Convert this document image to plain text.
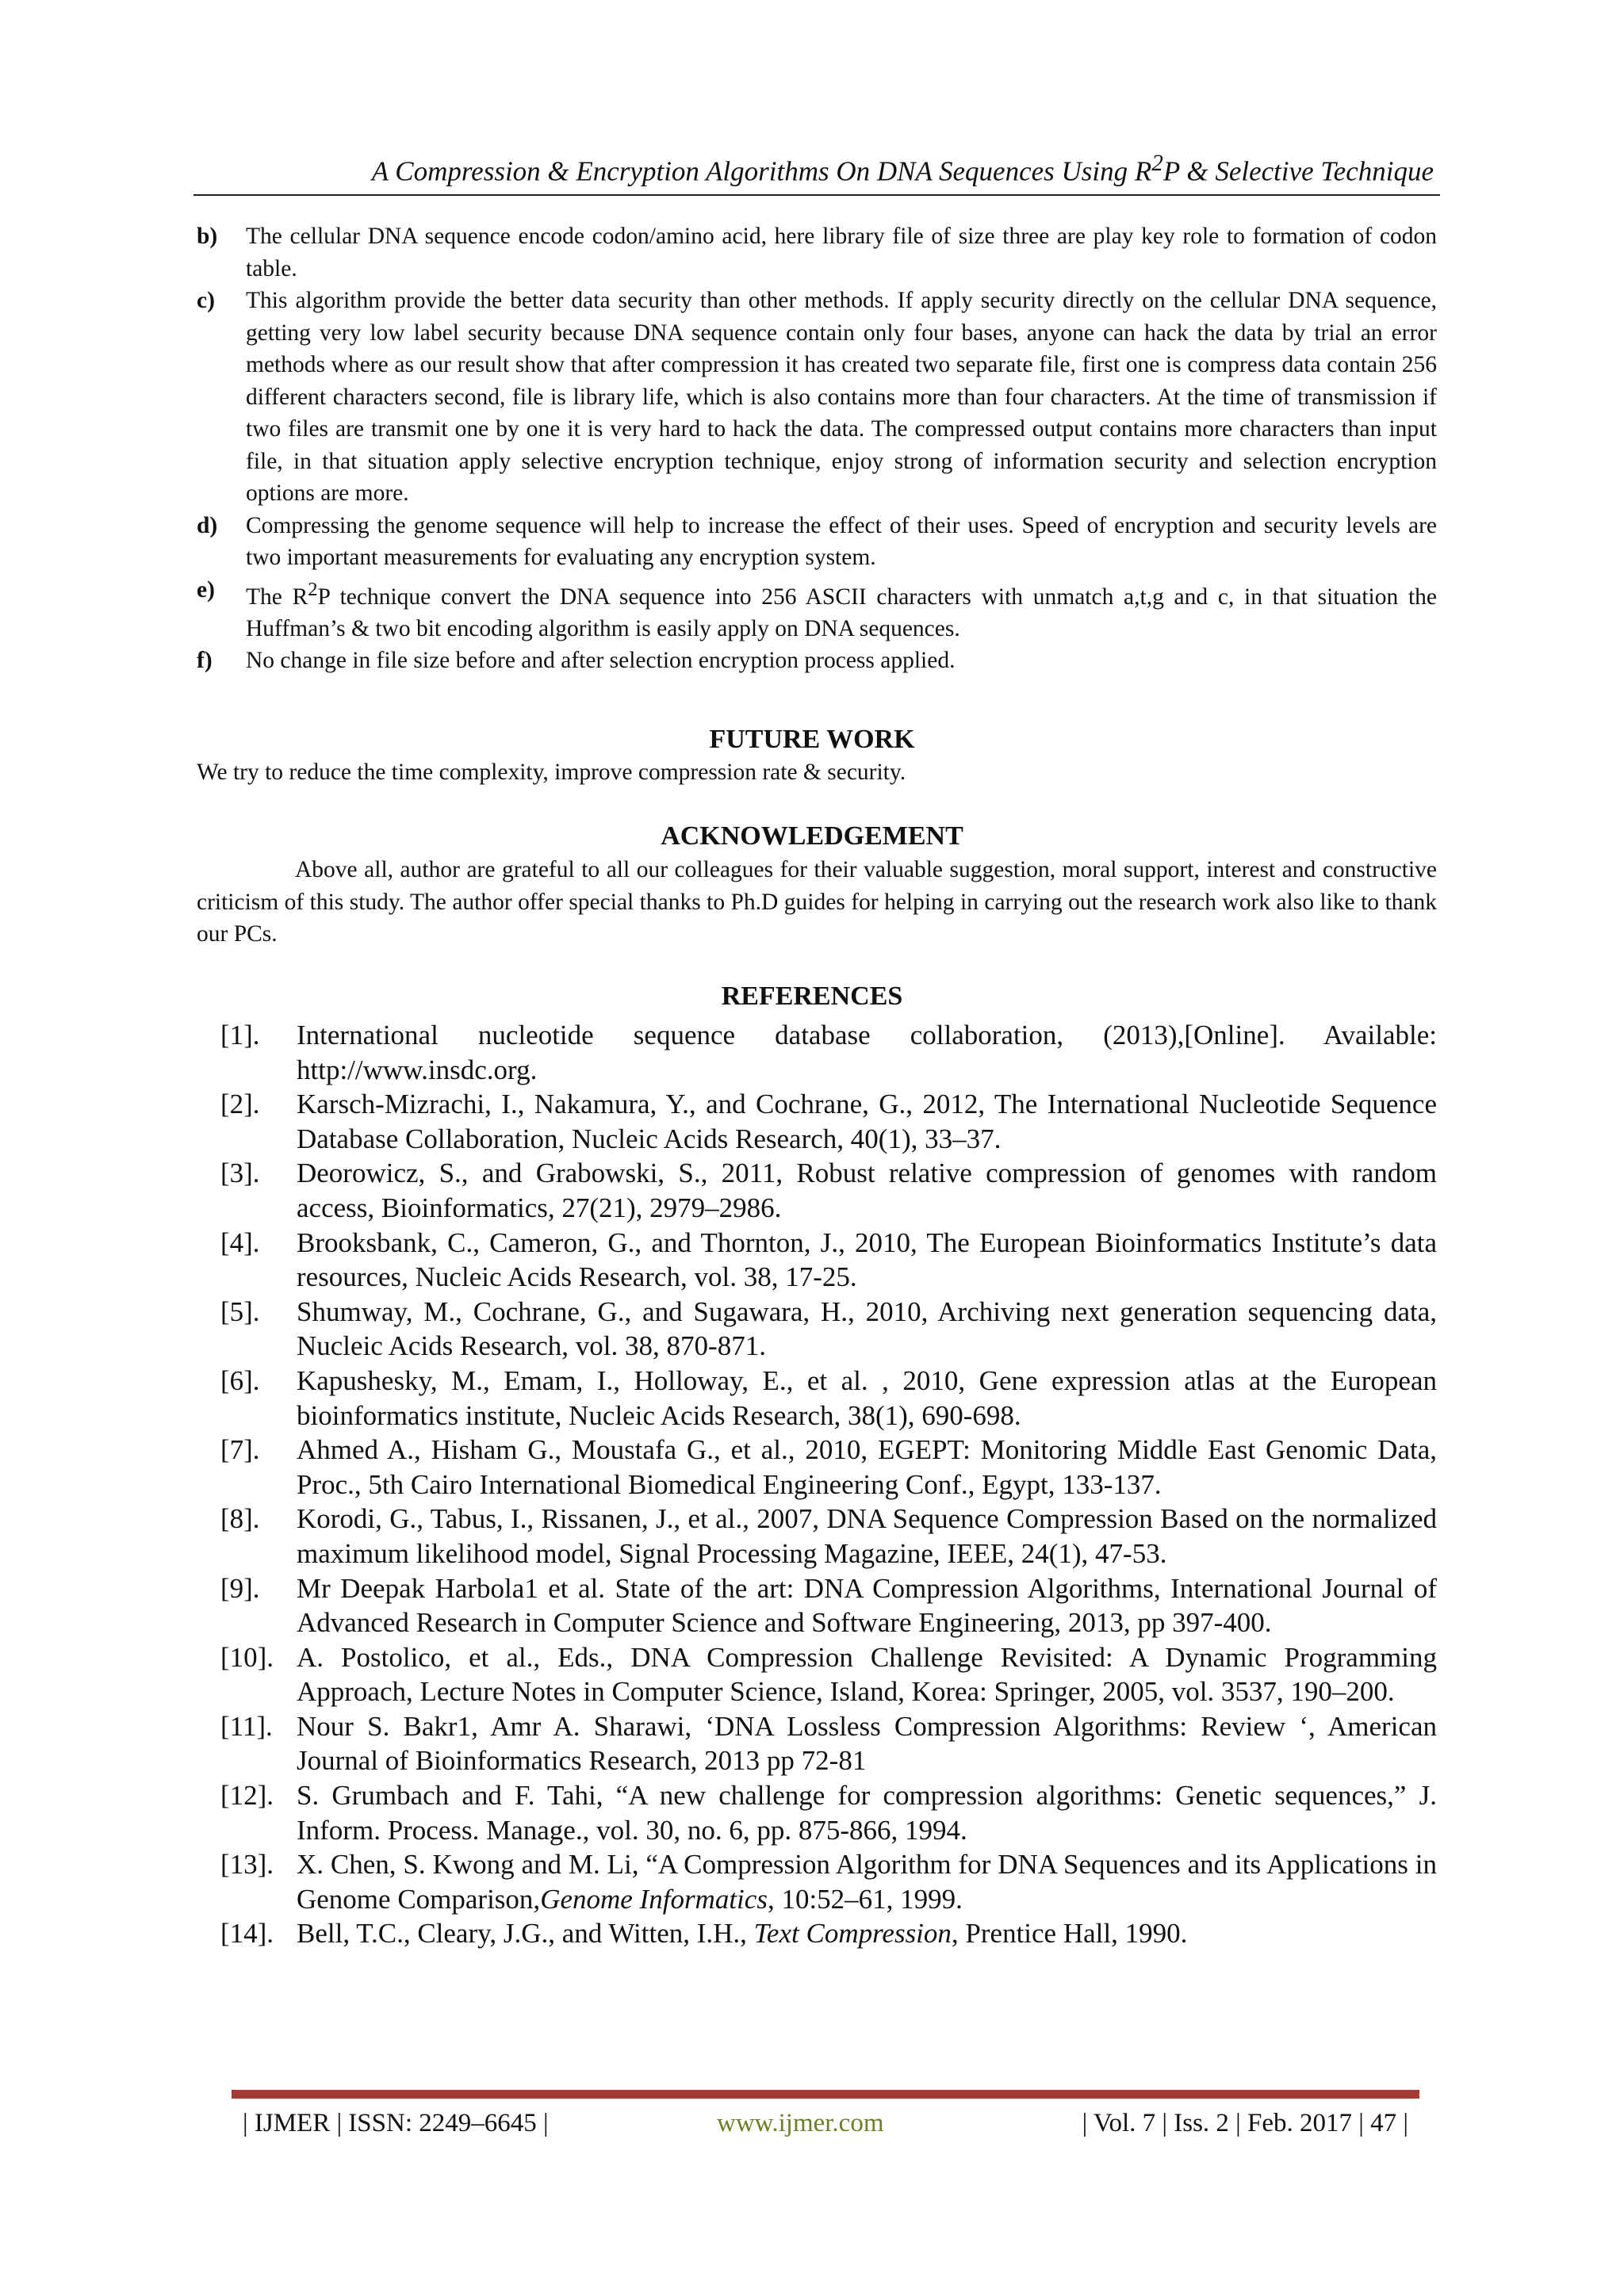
A Compression & Encryption Algorithms On DNA Sequences Using $R^2P$ & Selective Technique
b)	The cellular DNA sequence encode codon/amino acid, here library file of size three are play key role to formation of codon table.
c)	This algorithm provide the better data security than other methods. If apply security directly on the cellular DNA sequence, getting very low label security because DNA sequence contain only four bases, anyone can hack the data by trial an error methods where as our result show that after compression it has created two separate file, first one is compress data contain 256 different characters second, file is library life, which is also contains more than four characters. At the time of transmission if two files are transmit one by one it is very hard to hack the data. The compressed output contains more characters than input file, in that situation apply selective encryption technique, enjoy strong of information security and selection encryption options are more.
d)	Compressing the genome sequence will help to increase the effect of their uses. Speed of encryption and security levels are two important measurements for evaluating any encryption system.
e)	The $R^2P$ technique convert the DNA sequence into 256 ASCII characters with unmatch a,t,g and c, in that situation the Huffman’s & two bit encoding algorithm is easily apply on DNA sequences.
f)	No change in file size before and after selection encryption process applied.
FUTURE WORK
We try to reduce the time complexity, improve compression rate & security.
ACKNOWLEDGEMENT
Above all, author are grateful to all our colleagues for their valuable suggestion, moral support, interest and constructive criticism of this study. The author offer special thanks to Ph.D guides for helping in carrying out the research work also like to thank our PCs.
REFERENCES
[1].	International nucleotide sequence database collaboration, (2013),[Online]. Available: http://www.insdc.org.
[2].	Karsch-Mizrachi, I., Nakamura, Y., and Cochrane, G., 2012, The International Nucleotide Sequence Database Collaboration, Nucleic Acids Research, 40(1), 33–37.
[3].	Deorowicz, S., and Grabowski, S., 2011, Robust relative compression of genomes with random access, Bioinformatics, 27(21), 2979–2986.
[4].	Brooksbank, C., Cameron, G., and Thornton, J., 2010, The European Bioinformatics Institute’s data resources, Nucleic Acids Research, vol. 38, 17-25.
[5].	Shumway, M., Cochrane, G., and Sugawara, H., 2010, Archiving next generation sequencing data, Nucleic Acids Research, vol. 38, 870-871.
[6].	Kapushesky, M., Emam, I., Holloway, E., et al. , 2010, Gene expression atlas at the European bioinformatics institute, Nucleic Acids Research, 38(1), 690-698.
[7].	Ahmed A., Hisham G., Moustafa G., et al., 2010, EGEPT: Monitoring Middle East Genomic Data, Proc., 5th Cairo International Biomedical Engineering Conf., Egypt, 133-137.
[8].	Korodi, G., Tabus, I., Rissanen, J., et al., 2007, DNA Sequence Compression Based on the normalized maximum likelihood model, Signal Processing Magazine, IEEE, 24(1), 47-53.
[9].	Mr Deepak Harbola1 et al. State of the art: DNA Compression Algorithms, International Journal of Advanced Research in Computer Science and Software Engineering, 2013, pp 397-400.
[10]. A. Postolico, et al., Eds., DNA Compression Challenge Revisited: A Dynamic Programming Approach, Lecture Notes in Computer Science, Island, Korea: Springer, 2005, vol. 3537, 190–200.
[11]. Nour S. Bakr1, Amr A. Sharawi, ‘DNA Lossless Compression Algorithms: Review ‘, American Journal of Bioinformatics Research, 2013 pp 72-81
[12]. S. Grumbach and F. Tahi, “A new challenge for compression algorithms: Genetic sequences,” J. Inform. Process. Manage., vol. 30, no. 6, pp. 875-866, 1994.
[13]. X. Chen, S. Kwong and M. Li, “A Compression Algorithm for DNA Sequences and its Applications in Genome Comparison,Genome Informatics, 10:52–61, 1999.
[14]. Bell, T.C., Cleary, J.G., and Witten, I.H., Text Compression, Prentice Hall, 1990.
| IJMER | ISSN: 2249–6645 |	www.ijmer.com	| Vol. 7 | Iss. 2 | Feb. 2017 | 47 |
